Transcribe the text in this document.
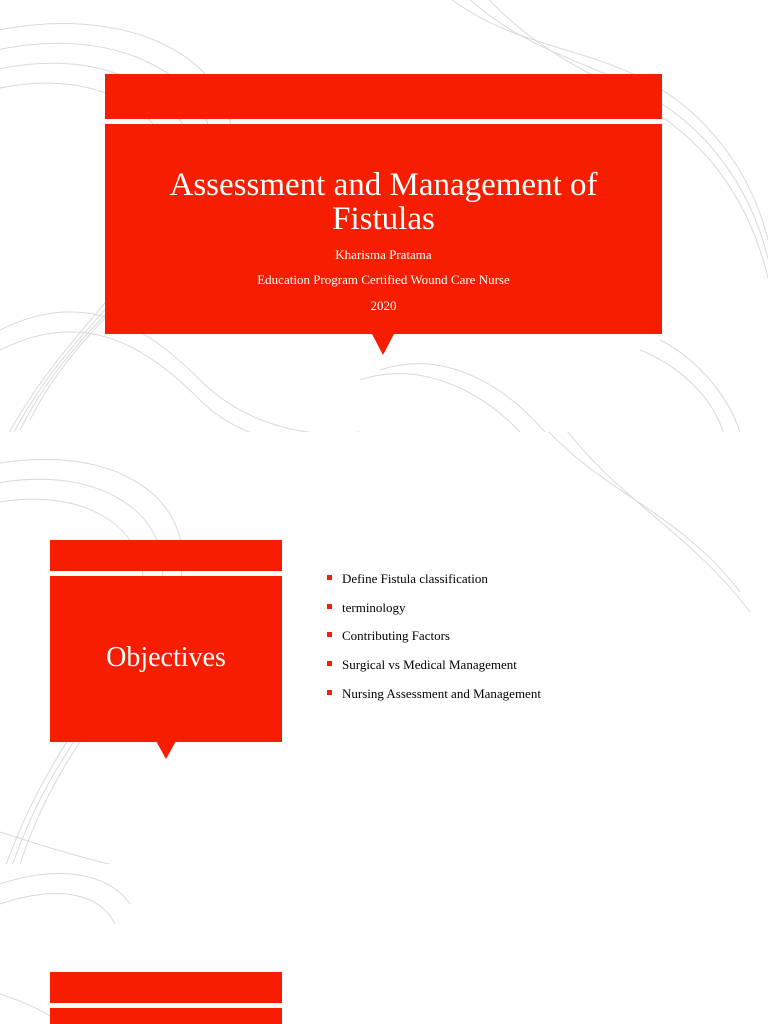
Assessment and Management of
Fistulas
Kharisma Pratama
Education Program Certified Wound Care Nurse
2020
Objectives
Define Fistula classification
terminology
Contributing Factors
Surgical vs Medical Management
Nursing Assessment and Management
